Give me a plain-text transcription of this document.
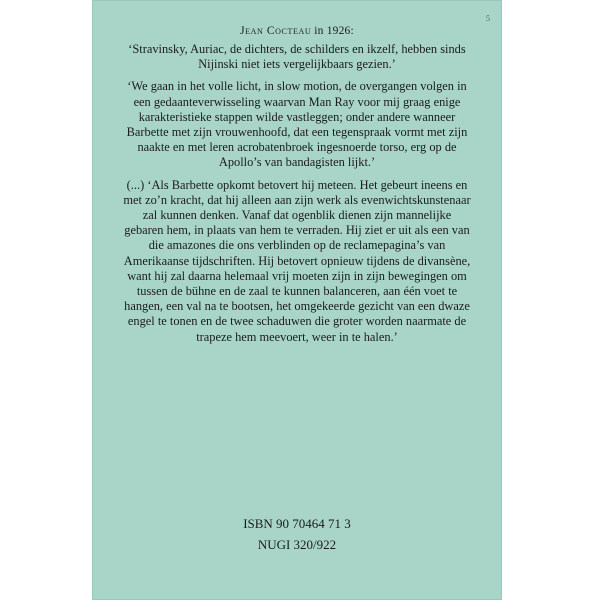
5
Jean Cocteau in 1926:
‘Stravinsky, Auriac, de dichters, de schilders en ikzelf, hebben sinds
Nijinski niet iets vergelijkbaars gezien.’
‘We gaan in het volle licht, in slow motion, de overgangen volgen in
een gedaanteverwisseling waarvan Man Ray voor mij graag enige
karakteristieke stappen wilde vastleggen; onder andere wanneer
Barbette met zijn vrouwenhoofd, dat een tegenspraak vormt met zijn
naakte en met leren acrobatenbroek ingesnoerde torso, erg op de
Apollo’s van bandagisten lijkt.’
(...) ‘Als Barbette opkomt betovert hij meteen. Het gebeurt ineens en
met zo’n kracht, dat hij alleen aan zijn werk als evenwichtskunstenaar
zal kunnen denken. Vanaf dat ogenblik dienen zijn mannelijke
gebaren hem, in plaats van hem te verraden. Hij ziet er uit als een van
die amazones die ons verblinden op de reclamepagina’s van
Amerikaanse tijdschriften. Hij betovert opnieuw tijdens de divansène,
want hij zal daarna helemaal vrij moeten zijn in zijn bewegingen om
tussen de bühne en de zaal te kunnen balanceren, aan één voet te
hangen, een val na te bootsen, het omgekeerde gezicht van een dwaze
engel te tonen en de twee schaduwen die groter worden naarmate de
trapeze hem meevoert, weer in te halen.’
ISBN 90 70464 71 3
NUGI 320/922
